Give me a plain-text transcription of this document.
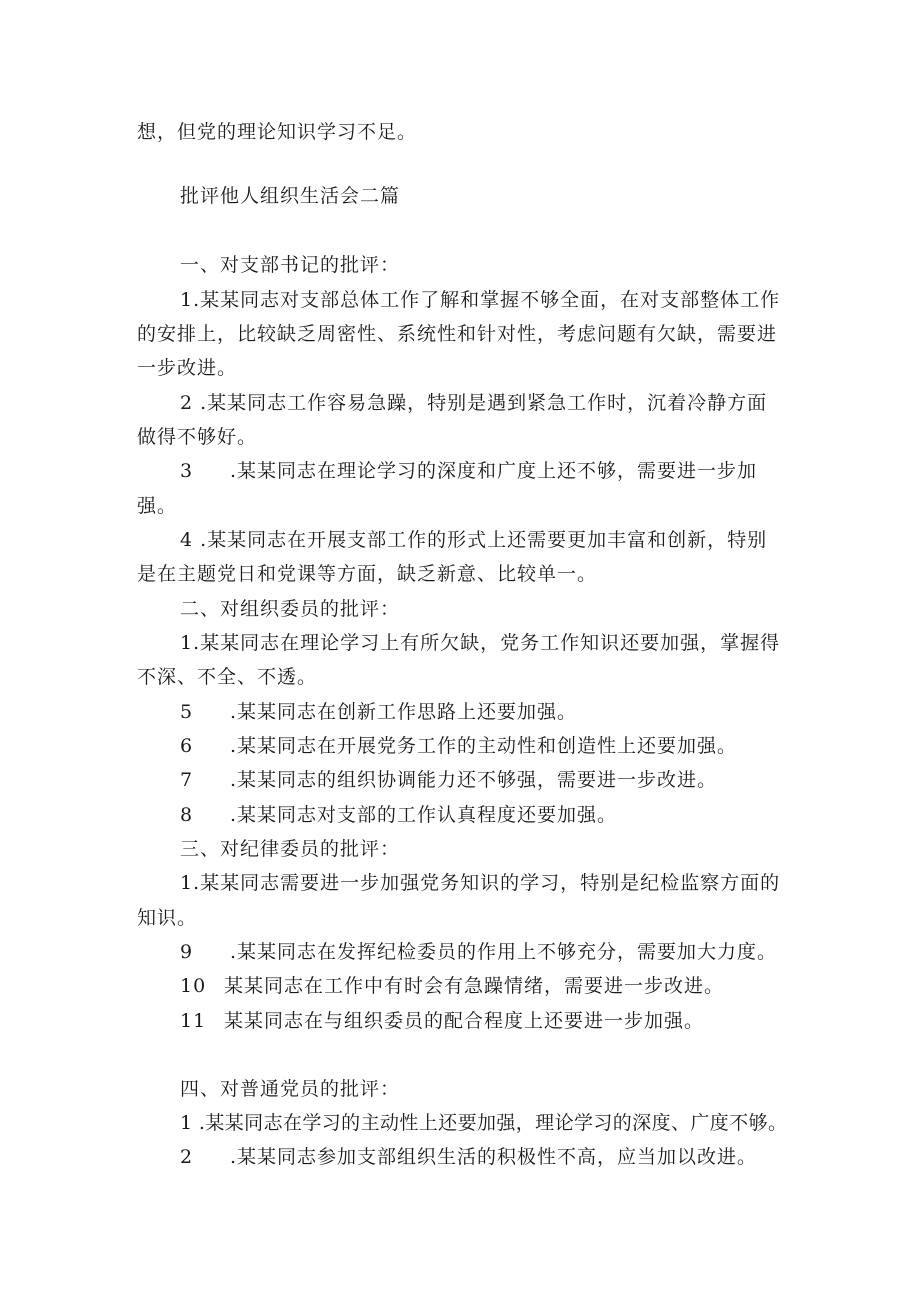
想，但党的理论知识学习不足。
批评他人组织生活会二篇
一、对支部书记的批评：
1.某某同志对支部总体工作了解和掌握不够全面，在对支部整体工作
的安排上，比较缺乏周密性、系统性和针对性，考虑问题有欠缺，需要进
一步改进。
2 .某某同志工作容易急躁，特别是遇到紧急工作时，沉着冷静方面
做得不够好。
3 .某某同志在理论学习的深度和广度上还不够，需要进一步加
强。
4 .某某同志在开展支部工作的形式上还需要更加丰富和创新，特别
是在主题党日和党课等方面，缺乏新意、比较单一。
二、对组织委员的批评：
1.某某同志在理论学习上有所欠缺，党务工作知识还要加强，掌握得
不深、不全、不透。
5 .某某同志在创新工作思路上还要加强。
6 .某某同志在开展党务工作的主动性和创造性上还要加强。
7 .某某同志的组织协调能力还不够强，需要进一步改进。
8 .某某同志对支部的工作认真程度还要加强。
三、对纪律委员的批评：
1.某某同志需要进一步加强党务知识的学习，特别是纪检监察方面的
知识。
9 .某某同志在发挥纪检委员的作用上不够充分，需要加大力度。
10 某某同志在工作中有时会有急躁情绪，需要进一步改进。
11 某某同志在与组织委员的配合程度上还要进一步加强。
四、对普通党员的批评：
1 .某某同志在学习的主动性上还要加强，理论学习的深度、广度不够。
2 .某某同志参加支部组织生活的积极性不高，应当加以改进。
